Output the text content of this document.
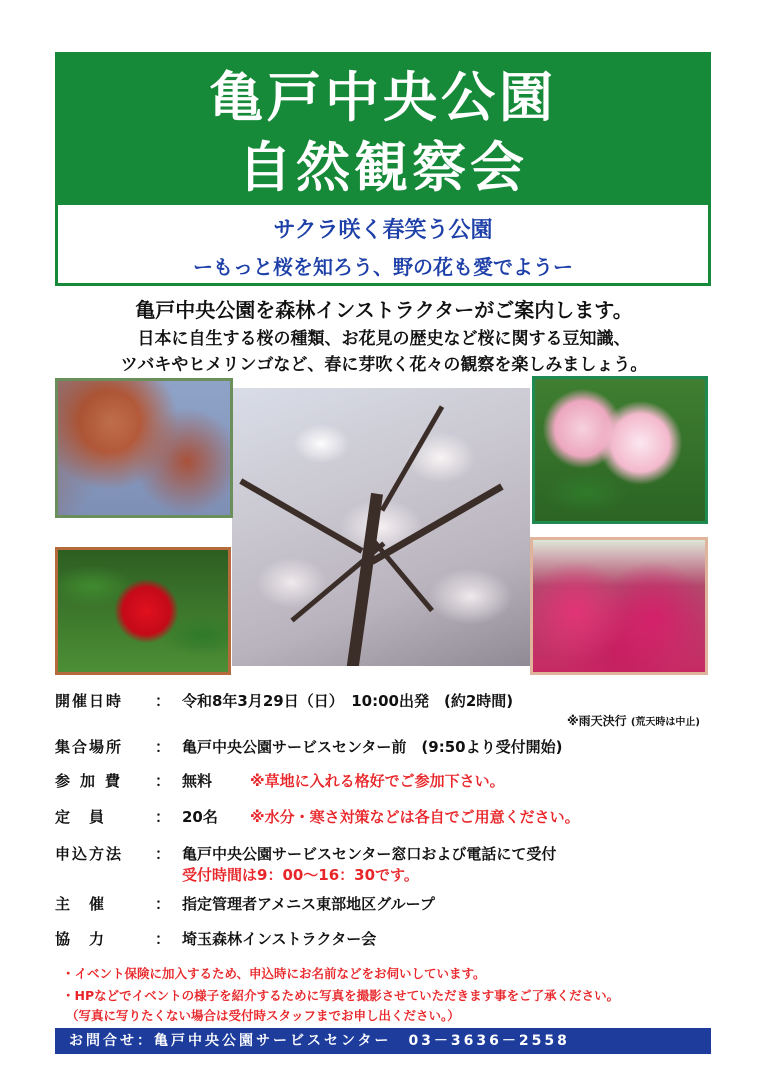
亀戸中央公園
自然観察会
サクラ咲く春笑う公園
ーもっと桜を知ろう、野の花も愛でようー
亀戸中央公園を森林インストラクターがご案内します。
日本に自生する桜の種類、お花見の歴史など桜に関する豆知識、
ツバキやヒメリンゴなど、春に芽吹く花々の観察を楽しみましょう。
開催日時	： 令和8年3月29日（日）　10:00出発　(約2時間)
※雨天決行 (荒天時は中止)
集合場所	： 亀戸中央公園サービスセンター前　(9:50より受付開始)
参加費	： 無料	※草地に入れる格好でご参加下さい。
定　員	： 20名 ※水分・寒さ対策などは各自でご用意ください。
申込方法	： 亀戸中央公園サービスセンター窓口および電話にて受付
受付時間は9：00～16：30です。
主　催	： 指定管理者アメニス東部地区グループ
協　力	： 埼玉森林インストラクター会
・イベント保険に加入するため、申込時にお名前などをお伺いしています。
・HPなどでイベントの様子を紹介するために写真を撮影させていただきます事をご了承ください。
（写真に写りたくない場合は受付時スタッフまでお申し出ください。）
お問合せ：亀戸中央公園サービスセンター　03－3636－2558
